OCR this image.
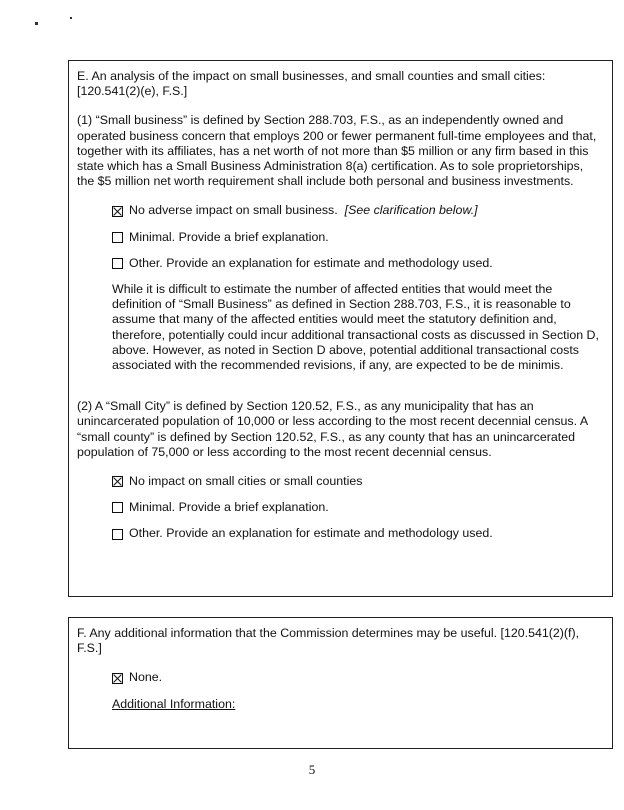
E. An analysis of the impact on small businesses, and small counties and small cities: [120.541(2)(e), F.S.]

(1) “Small business” is defined by Section 288.703, F.S., as an independently owned and operated business concern that employs 200 or fewer permanent full-time employees and that, together with its affiliates, has a net worth of not more than $5 million or any firm based in this state which has a Small Business Administration 8(a) certification. As to sole proprietorships, the $5 million net worth requirement shall include both personal and business investments.

No adverse impact on small business. [See clarification below.]
Minimal. Provide a brief explanation.
Other. Provide an explanation for estimate and methodology used.

While it is difficult to estimate the number of affected entities that would meet the definition of “Small Business” as defined in Section 288.703, F.S., it is reasonable to assume that many of the affected entities would meet the statutory definition and, therefore, potentially could incur additional transactional costs as discussed in Section D, above. However, as noted in Section D above, potential additional transactional costs associated with the recommended revisions, if any, are expected to be de minimis.

(2) A “Small City” is defined by Section 120.52, F.S., as any municipality that has an unincarcerated population of 10,000 or less according to the most recent decennial census. A “small county” is defined by Section 120.52, F.S., as any county that has an unincarcerated population of 75,000 or less according to the most recent decennial census.

No impact on small cities or small counties
Minimal. Provide a brief explanation.
Other. Provide an explanation for estimate and methodology used.

F. Any additional information that the Commission determines may be useful. [120.541(2)(f), F.S.]

None.

Additional Information:

5
